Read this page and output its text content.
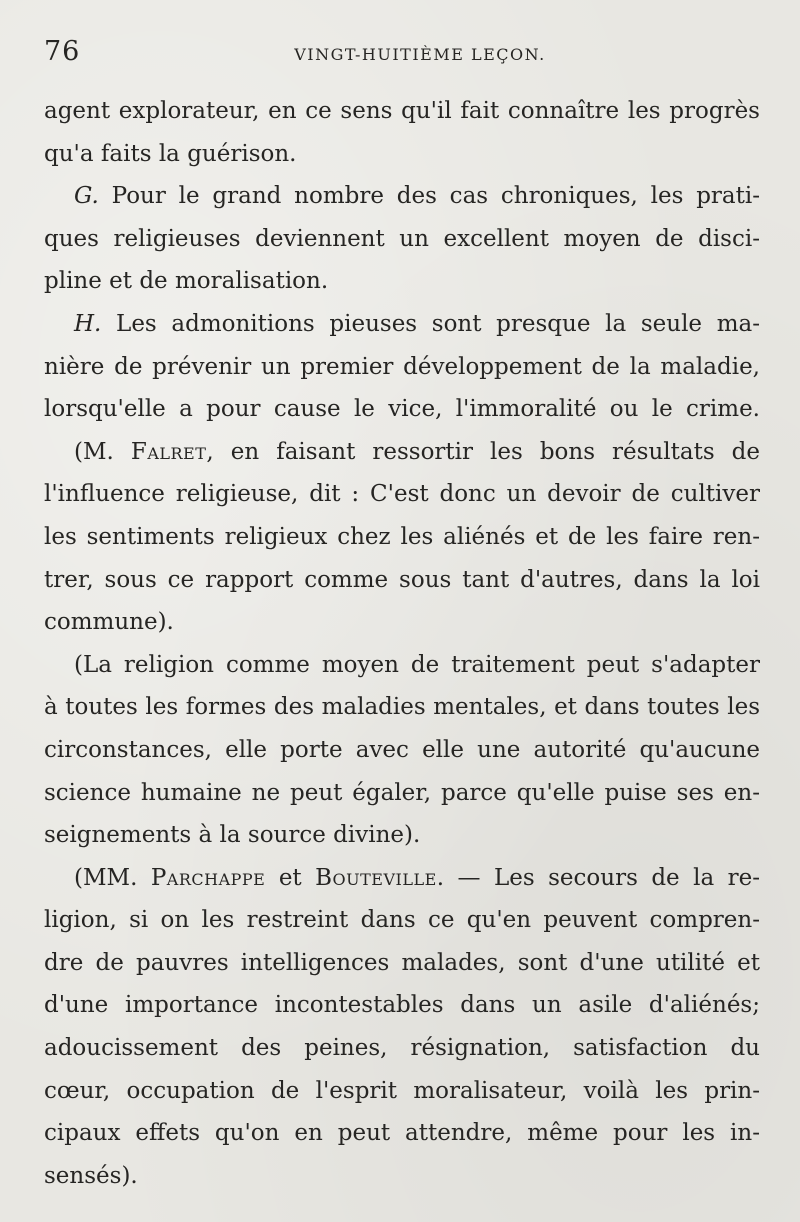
76	VINGT-HUITIÈME LEÇON.
agent explorateur, en ce sens qu'il fait connaître les progrès
qu'a faits la guérison.
G. Pour le grand nombre des cas chroniques, les prati-
ques religieuses deviennent un excellent moyen de disci-
pline et de moralisation.
H. Les admonitions pieuses sont presque la seule ma-
nière de prévenir un premier développement de la maladie,
lorsqu'elle a pour cause le vice, l'immoralité ou le crime.
(M. Falret, en faisant ressortir les bons résultats de
l'influence religieuse, dit : C'est donc un devoir de cultiver
les sentiments religieux chez les aliénés et de les faire ren-
trer, sous ce rapport comme sous tant d'autres, dans la loi
commune).
(La religion comme moyen de traitement peut s'adapter
à toutes les formes des maladies mentales, et dans toutes les
circonstances, elle porte avec elle une autorité qu'aucune
science humaine ne peut égaler, parce qu'elle puise ses en-
seignements à la source divine).
(MM. Parchappe et Bouteville. — Les secours de la re-
ligion, si on les restreint dans ce qu'en peuvent compren-
dre de pauvres intelligences malades, sont d'une utilité et
d'une importance incontestables dans un asile d'aliénés;
adoucissement des peines, résignation, satisfaction du
cœur, occupation de l'esprit moralisateur, voilà les prin-
cipaux effets qu'on en peut attendre, même pour les in-
sensés).
